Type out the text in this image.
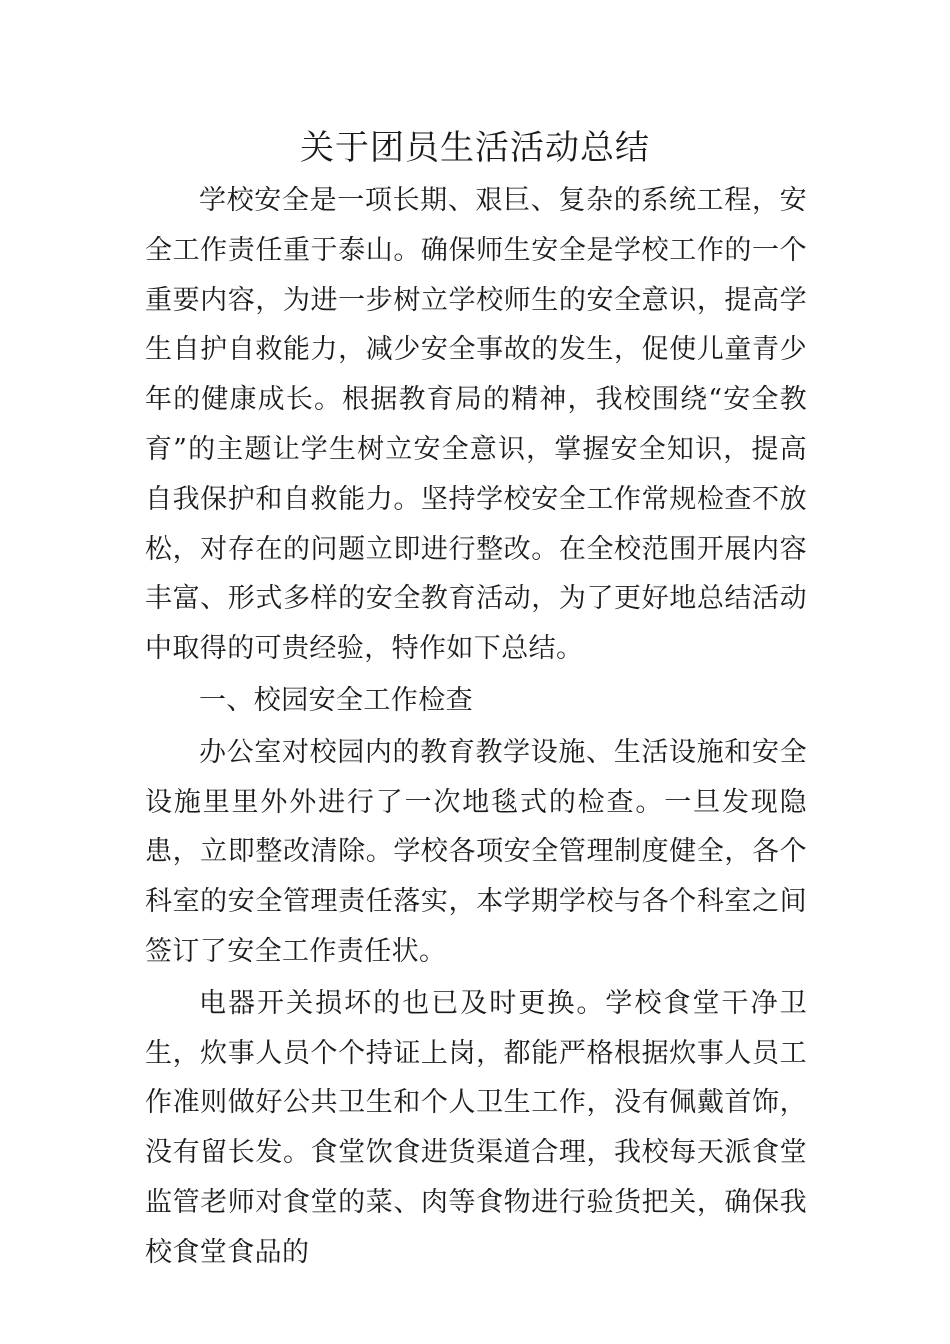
关于团员生活活动总结

学校安全是一项长期、艰巨、复杂的系统工程，安全工作责任重于泰山。确保师生安全是学校工作的一个重要内容，为进一步树立学校师生的安全意识，提高学生自护自救能力，减少安全事故的发生，促使儿童青少年的健康成长。根据教育局的精神，我校围绕“安全教育”的主题让学生树立安全意识，掌握安全知识，提高自我保护和自救能力。坚持学校安全工作常规检查不放松，对存在的问题立即进行整改。在全校范围开展内容丰富、形式多样的安全教育活动，为了更好地总结活动中取得的可贵经验，特作如下总结。

一、校园安全工作检查

办公室对校园内的教育教学设施、生活设施和安全设施里里外外进行了一次地毯式的检查。一旦发现隐患，立即整改清除。学校各项安全管理制度健全，各个科室的安全管理责任落实，本学期学校与各个科室之间签订了安全工作责任状。

电器开关损坏的也已及时更换。学校食堂干净卫生，炊事人员个个持证上岗，都能严格根据炊事人员工作准则做好公共卫生和个人卫生工作，没有佩戴首饰，没有留长发。食堂饮食进货渠道合理，我校每天派食堂监管老师对食堂的菜、肉等食物进行验货把关，确保我校食堂食品的
